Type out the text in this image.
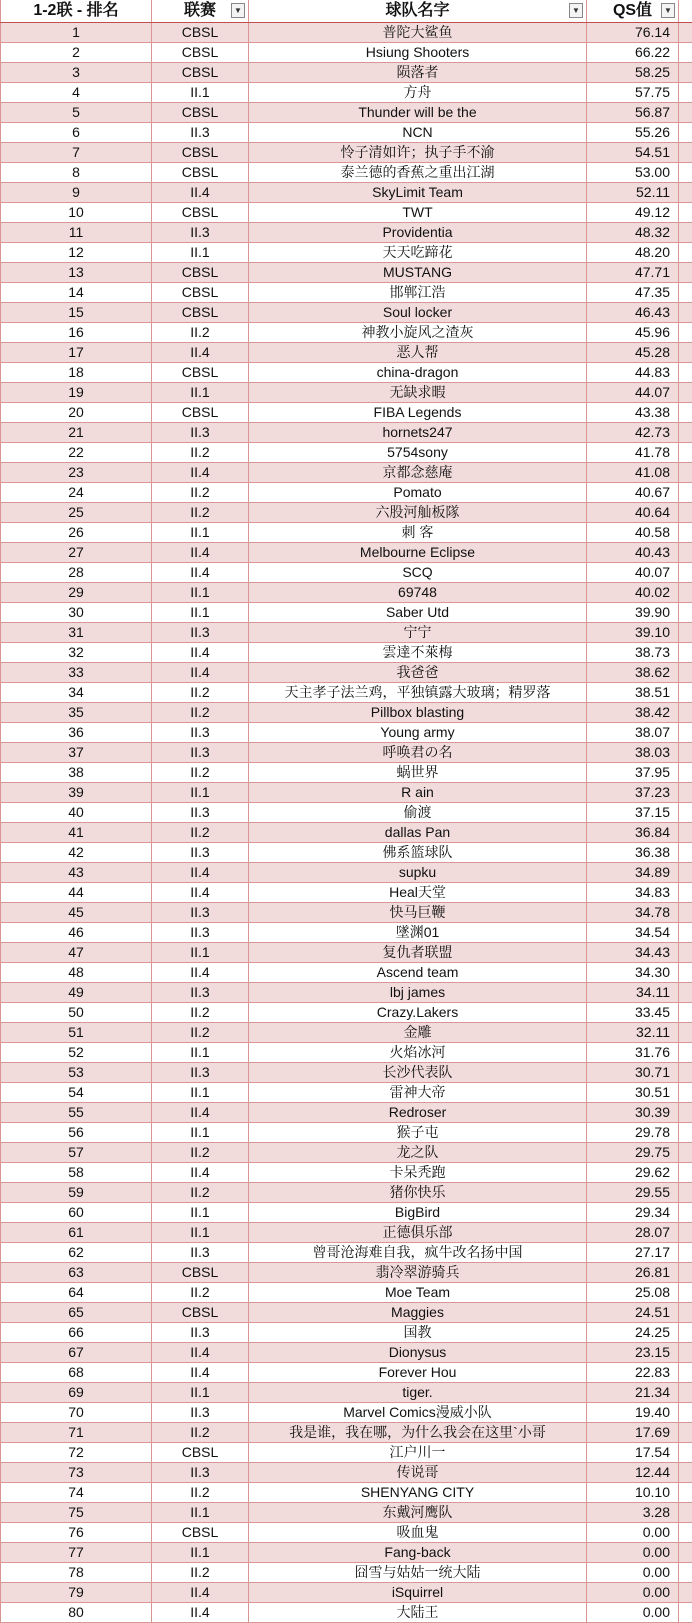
1-2联 - 排名	联赛	▼	球队名字	▼	QS值	▼
1	CBSL	普陀大鲨鱼	76.14
2	CBSL	Hsiung Shooters	66.22
3	CBSL	陨落者	58.25
4	II.1	方舟	57.75
5	CBSL	Thunder will be the	56.87
6	II.3	NCN	55.26
7	CBSL	怜子清如许；执子手不渝	54.51
8	CBSL	泰兰德的香蕉之重出江湖	53.00
9	II.4	SkyLimit Team	52.11
10	CBSL	TWT	49.12
11	II.3	Providentia	48.32
12	II.1	天天吃蹄花	48.20
13	CBSL	MUSTANG	47.71
14	CBSL	邯郸江浩	47.35
15	CBSL	Soul locker	46.43
16	II.2	神教小旋风之渣灰	45.96
17	II.4	恶人帮	45.28
18	CBSL	china-dragon	44.83
19	II.1	无缺求暇	44.07
20	CBSL	FIBA Legends	43.38
21	II.3	hornets247	42.73
22	II.2	5754sony	41.78
23	II.4	京都念慈庵	41.08
24	II.2	Pomato	40.67
25	II.2	六股河舢板隊	40.64
26	II.1	刺 客	40.58
27	II.4	Melbourne Eclipse	40.43
28	II.4	SCQ	40.07
29	II.1	69748	40.02
30	II.1	Saber Utd	39.90
31	II.3	宁宁	39.10
32	II.4	雲達不萊梅	38.73
33	II.4	我爸爸	38.62
34	II.2	天主孝子法兰鸡，平独镇露大玻璃；精罗落	38.51
35	II.2	Pillbox blasting	38.42
36	II.3	Young army	38.07
37	II.3	呼唤君の名	38.03
38	II.2	蜗世界	37.95
39	II.1	R ain	37.23
40	II.3	偷渡	37.15
41	II.2	dallas Pan	36.84
42	II.3	佛系篮球队	36.38
43	II.4	supku	34.89
44	II.4	Heal天堂	34.83
45	II.3	快马巨鞭	34.78
46	II.3	墜渊01	34.54
47	II.1	复仇者联盟	34.43
48	II.4	Ascend team	34.30
49	II.3	lbj james	34.11
50	II.2	Crazy.Lakers	33.45
51	II.2	金雕	32.11
52	II.1	火焰冰河	31.76
53	II.3	长沙代表队	30.71
54	II.1	雷神大帝	30.51
55	II.4	Redroser	30.39
56	II.1	猴子屯	29.78
57	II.2	龙之队	29.75
58	II.4	卡呆秃跑	29.62
59	II.2	猪你快乐	29.55
60	II.1	BigBird	29.34
61	II.1	正德俱乐部	28.07
62	II.3	曾哥沧海难自我，疯牛改名扬中国	27.17
63	CBSL	翡冷翠游骑兵	26.81
64	II.2	Moe Team	25.08
65	CBSL	Maggies	24.51
66	II.3	国教	24.25
67	II.4	Dionysus	23.15
68	II.4	Forever Hou	22.83
69	II.1	tiger.	21.34
70	II.3	Marvel Comics漫威小队	19.40
71	II.2	我是谁，我在哪，为什么我会在这里`小哥	17.69
72	CBSL	江户川一	17.54
73	II.3	传说哥	12.44
74	II.2	SHENYANG CITY	10.10
75	II.1	东戴河鹰队	3.28
76	CBSL	吸血鬼	0.00
77	II.1	Fang-back	0.00
78	II.2	囧雪与姑姑一统大陆	0.00
79	II.4	iSquirrel	0.00
80	II.4	大陆王	0.00
